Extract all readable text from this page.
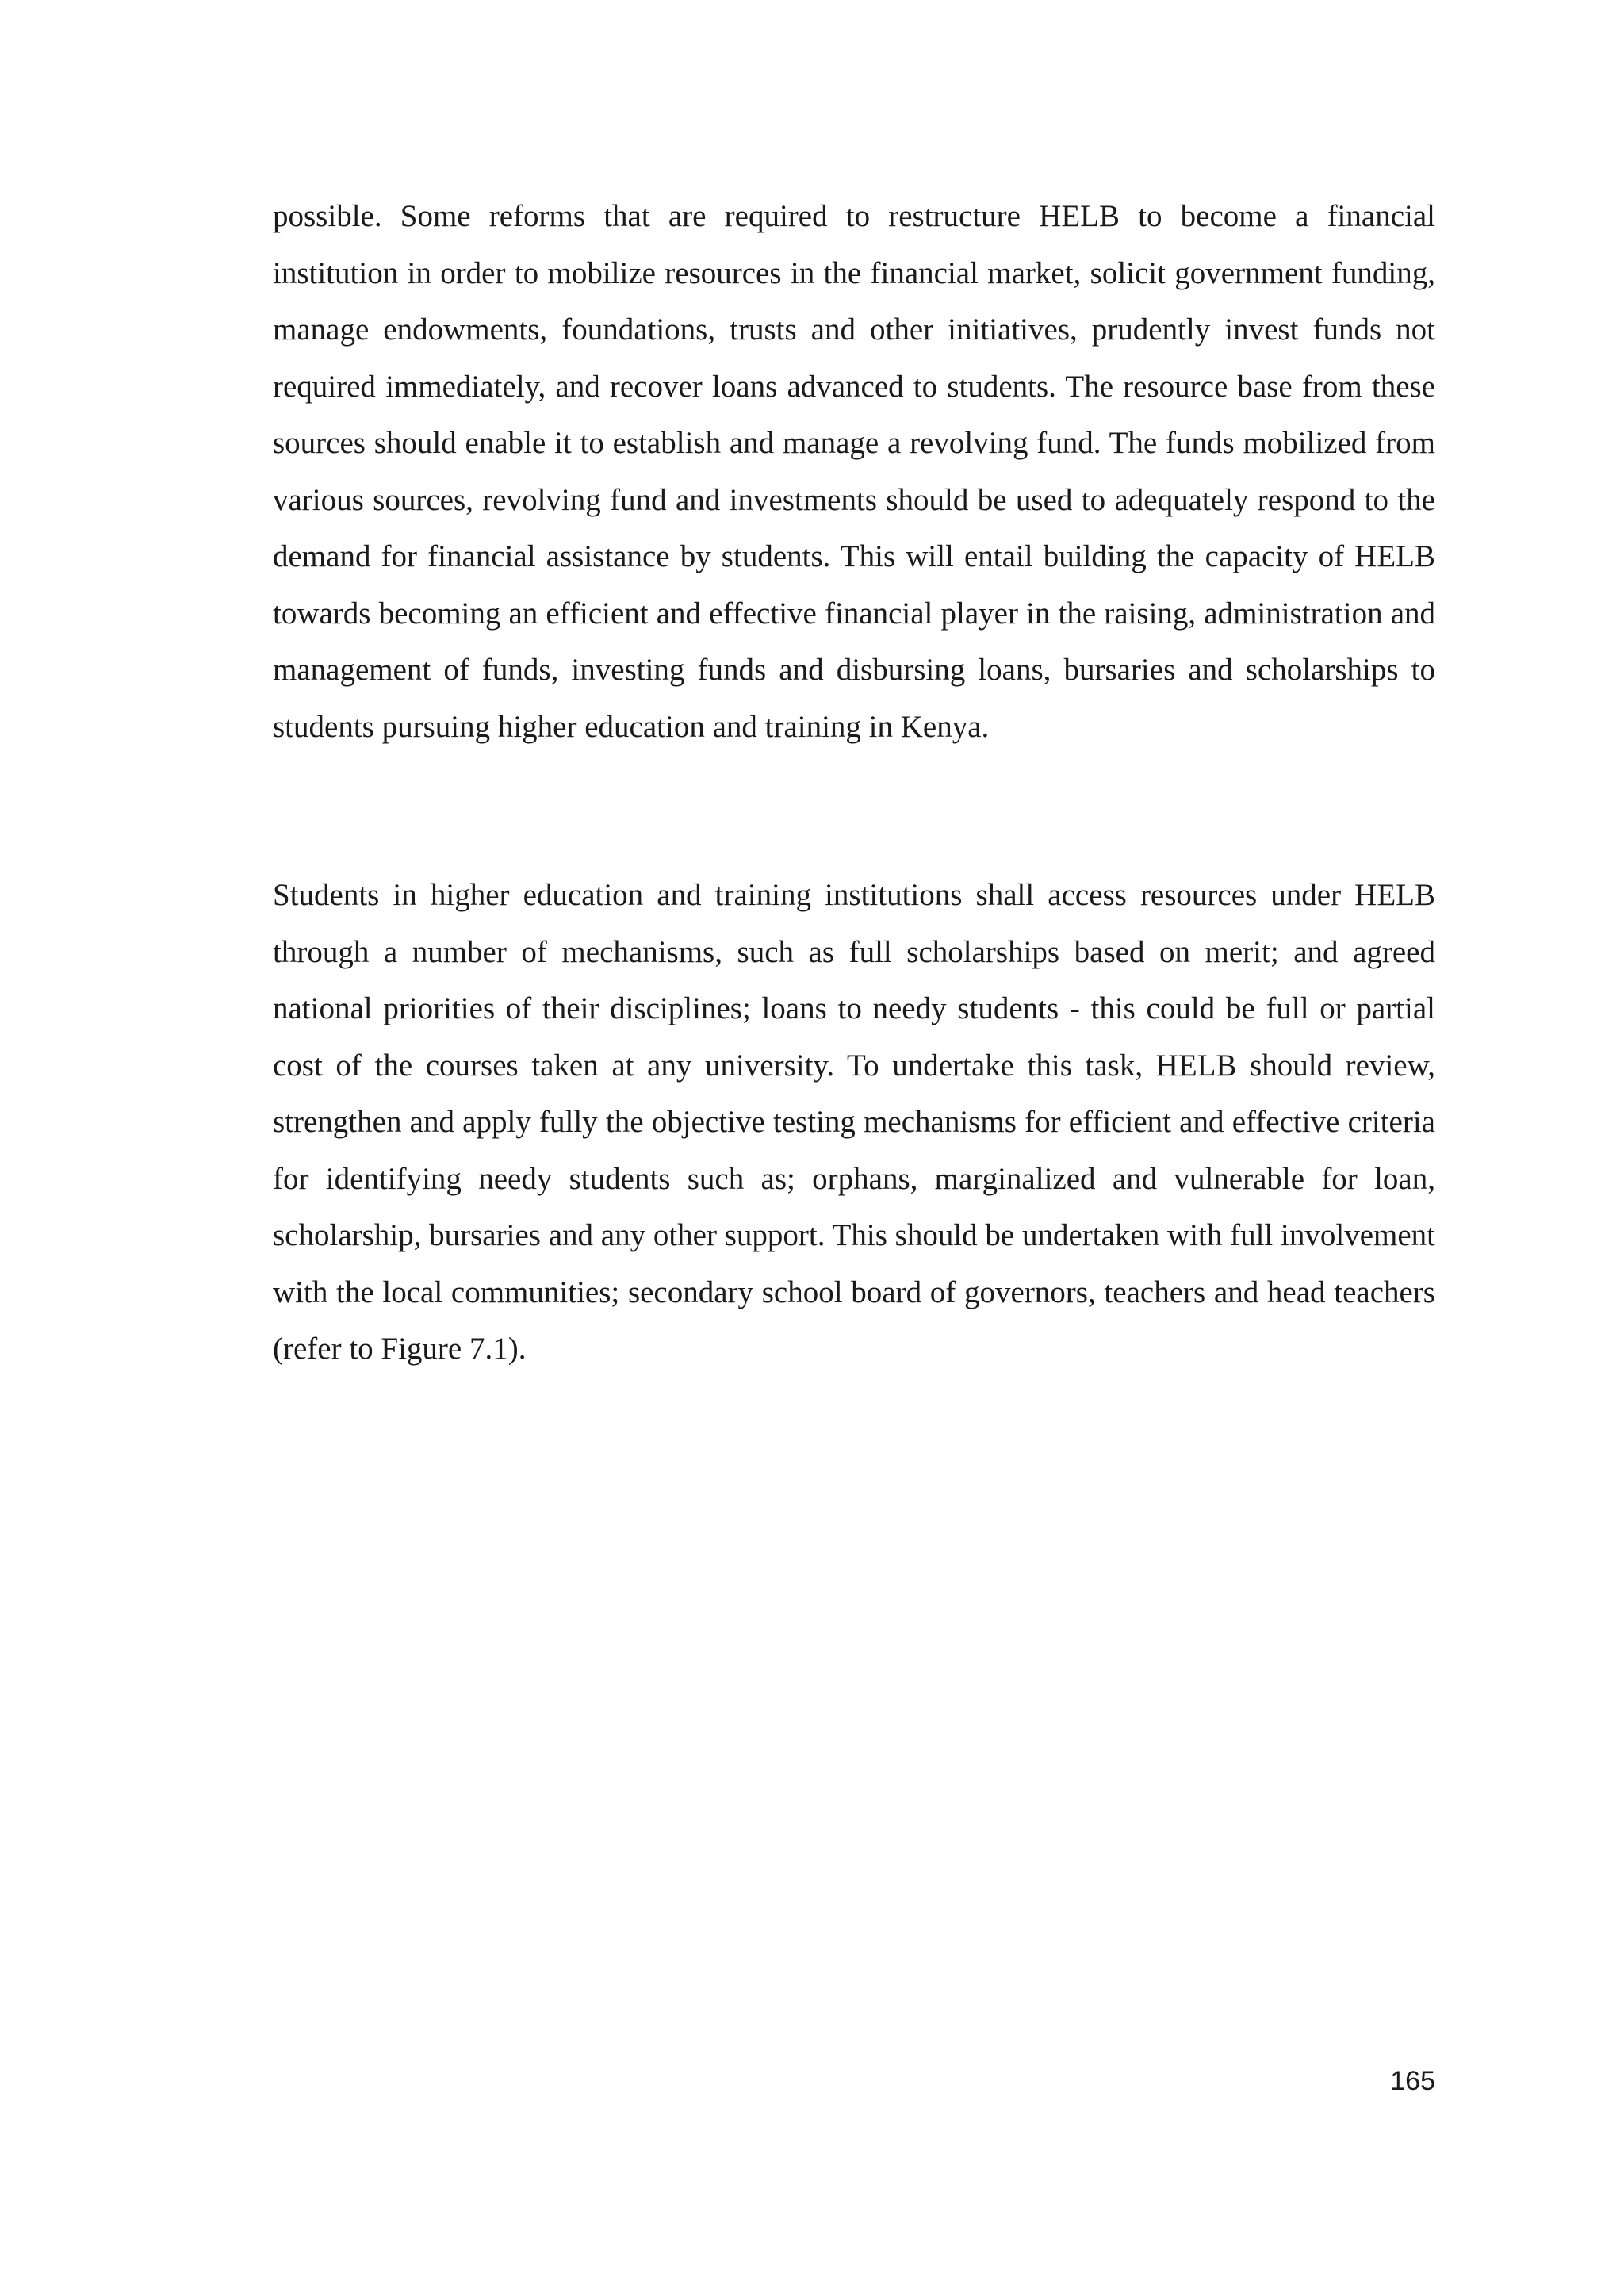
possible. Some reforms that are required to restructure HELB to become a financial institution in order to mobilize resources in the financial market, solicit government funding, manage endowments, foundations, trusts and other initiatives, prudently invest funds not required immediately, and recover loans advanced to students. The resource base from these sources should enable it to establish and manage a revolving fund. The funds mobilized from various sources, revolving fund and investments should be used to adequately respond to the demand for financial assistance by students. This will entail building the capacity of HELB towards becoming an efficient and effective financial player in the raising, administration and management of funds, investing funds and disbursing loans, bursaries and scholarships to students pursuing higher education and training in Kenya.

Students in higher education and training institutions shall access resources under HELB through a number of mechanisms, such as full scholarships based on merit; and agreed national priorities of their disciplines; loans to needy students - this could be full or partial cost of the courses taken at any university. To undertake this task, HELB should review, strengthen and apply fully the objective testing mechanisms for efficient and effective criteria for identifying needy students such as; orphans, marginalized and vulnerable for loan, scholarship, bursaries and any other support. This should be undertaken with full involvement with the local communities; secondary school board of governors, teachers and head teachers (refer to Figure 7.1).

165
